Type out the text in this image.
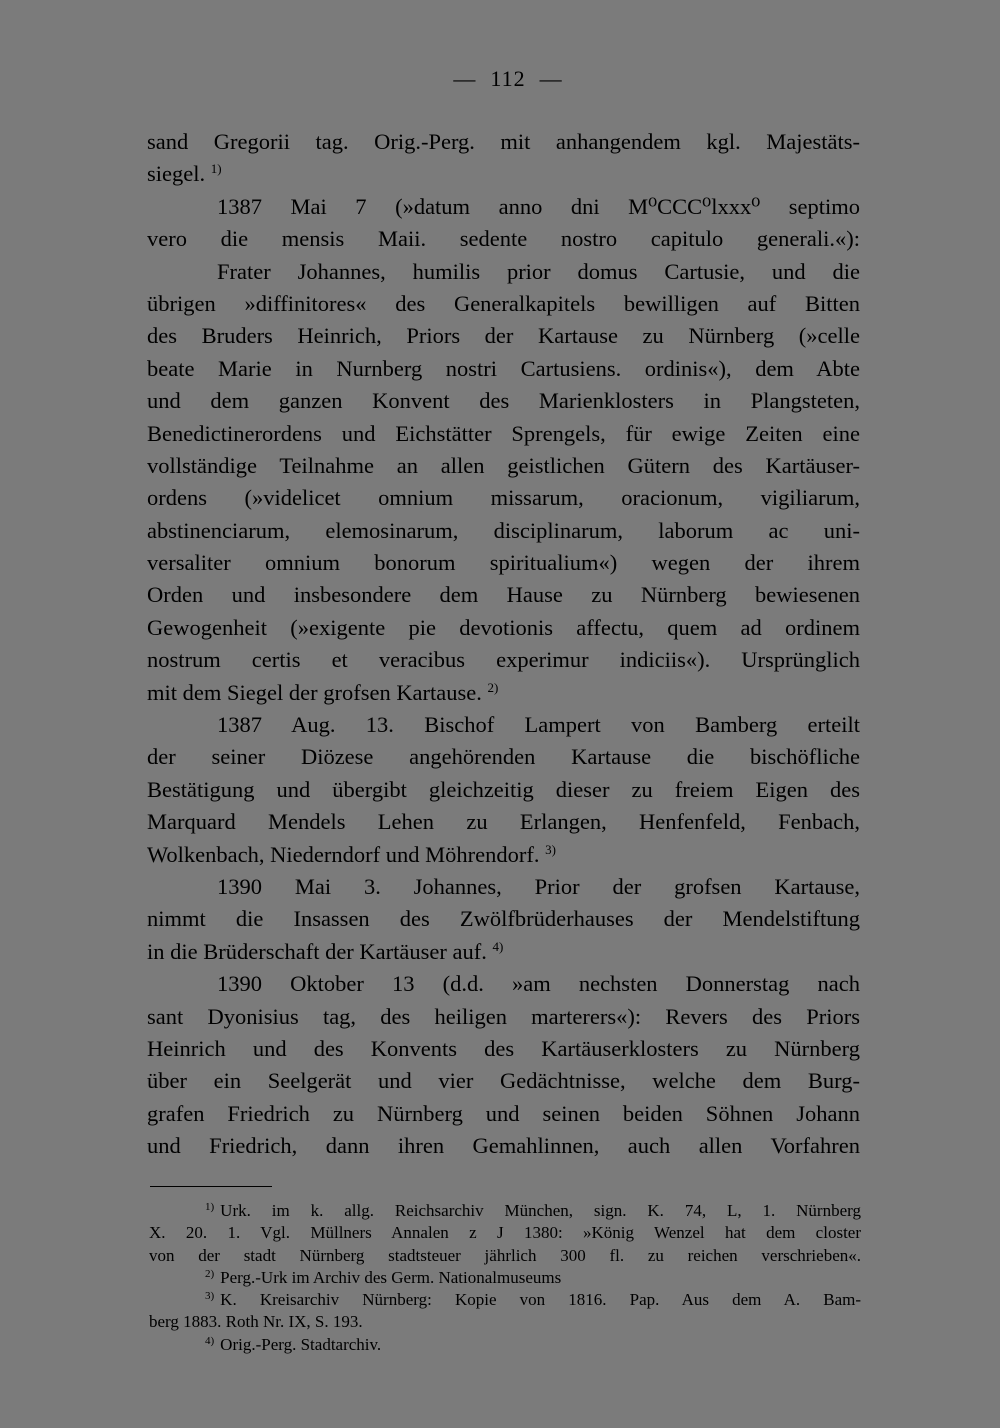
— 112 —
sand Gregorii tag. Orig.-Perg. mit anhangendem kgl. Majestäts-
siegel. $^{1)}$
1387 Mai 7 (»datum anno dni M⁰CCC⁰lxxx⁰ septimo
vero die mensis Maii. sedente nostro capitulo generali.«):
Frater Johannes, humilis prior domus Cartusie, und die
übrigen »diffinitores« des Generalkapitels bewilligen auf Bitten
des Bruders Heinrich, Priors der Kartause zu Nürnberg (»celle
beate Marie in Nurnberg nostri Cartusiens. ordinis«), dem Abte
und dem ganzen Konvent des Marienklosters in Plangsteten,
Benedictinerordens und Eichstätter Sprengels, für ewige Zeiten eine
vollständige Teilnahme an allen geistlichen Gütern des Kartäuser-
ordens (»videlicet omnium missarum, oracionum, vigiliarum,
abstinenciarum, elemosinarum, disciplinarum, laborum ac uni-
versaliter omnium bonorum spiritualium«) wegen der ihrem
Orden und insbesondere dem Hause zu Nürnberg bewiesenen
Gewogenheit (»exigente pie devotionis affectu, quem ad ordinem
nostrum certis et veracibus experimur indiciis«). Ursprünglich
mit dem Siegel der grofsen Kartause. $^{2)}$
1387 Aug. 13. Bischof Lampert von Bamberg erteilt
der seiner Diözese angehörenden Kartause die bischöfliche
Bestätigung und übergibt gleichzeitig dieser zu freiem Eigen des
Marquard Mendels Lehen zu Erlangen, Henfenfeld, Fenbach,
Wolkenbach, Niederndorf und Möhrendorf. $^{3)}$
1390 Mai 3. Johannes, Prior der grofsen Kartause,
nimmt die Insassen des Zwölfbrüderhauses der Mendelstiftung
in die Brüderschaft der Kartäuser auf. $^{4)}$
1390 Oktober 13 (d.d. »am nechsten Donnerstag nach
sant Dyonisius tag, des heiligen marterers«): Revers des Priors
Heinrich und des Konvents des Kartäuserklosters zu Nürnberg
über ein Seelgerät und vier Gedächtnisse, welche dem Burg-
grafen Friedrich zu Nürnberg und seinen beiden Söhnen Johann
und Friedrich, dann ihren Gemahlinnen, auch allen Vorfahren
$^{1)}$ Urk. im k. allg. Reichsarchiv München, sign. K. 74, L, 1. Nürnberg
X. 20. 1. Vgl. Müllners Annalen z J 1380: »König Wenzel hat dem closter
von der stadt Nürnberg stadtsteuer jährlich 300 fl. zu reichen verschrieben«.
$^{2)}$ Perg.-Urk im Archiv des Germ. Nationalmuseums
$^{3)}$ K. Kreisarchiv Nürnberg: Kopie von 1816. Pap. Aus dem A. Bam-
berg 1883. Roth Nr. IX, S. 193.
$^{4)}$ Orig.-Perg. Stadtarchiv.
